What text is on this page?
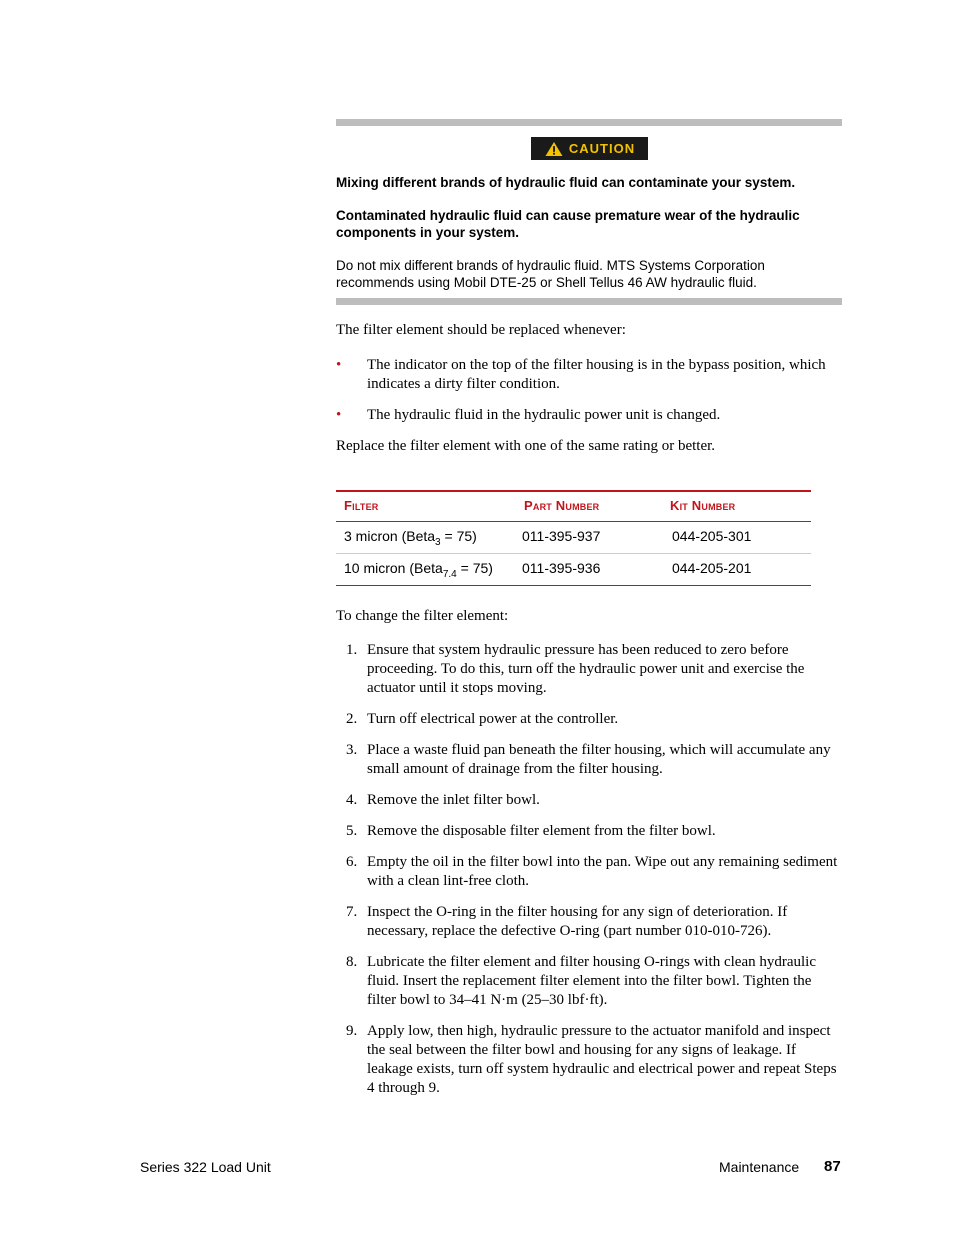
CAUTION
Mixing different brands of hydraulic fluid can contaminate your system.
Contaminated hydraulic fluid can cause premature wear of the hydraulic components in your system.
Do not mix different brands of hydraulic fluid. MTS Systems Corporation recommends using Mobil DTE-25 or Shell Tellus 46 AW hydraulic fluid.
The filter element should be replaced whenever:
• The indicator on the top of the filter housing is in the bypass position, which indicates a dirty filter condition.
• The hydraulic fluid in the hydraulic power unit is changed.
Replace the filter element with one of the same rating or better.
Filter	Part Number	Kit Number
3 micron (Beta$_3$ = 75)	011-395-937	044-205-301
10 micron (Beta$_{7.4}$ = 75) 011-395-936	044-205-201
To change the filter element:
1. Ensure that system hydraulic pressure has been reduced to zero before proceeding. To do this, turn off the hydraulic power unit and exercise the actuator until it stops moving.
2. Turn off electrical power at the controller.
3. Place a waste fluid pan beneath the filter housing, which will accumulate any small amount of drainage from the filter housing.
4. Remove the inlet filter bowl.
5. Remove the disposable filter element from the filter bowl.
6. Empty the oil in the filter bowl into the pan. Wipe out any remaining sediment with a clean lint-free cloth.
7. Inspect the O-ring in the filter housing for any sign of deterioration. If necessary, replace the defective O-ring (part number 010-010-726).
8. Lubricate the filter element and filter housing O-rings with clean hydraulic fluid. Insert the replacement filter element into the filter bowl. Tighten the filter bowl to 34–41 N·m (25–30 lbf·ft).
9. Apply low, then high, hydraulic pressure to the actuator manifold and inspect the seal between the filter bowl and housing for any signs of leakage. If leakage exists, turn off system hydraulic and electrical power and repeat Steps 4 through 9.
Series 322 Load Unit	Maintenance 87
